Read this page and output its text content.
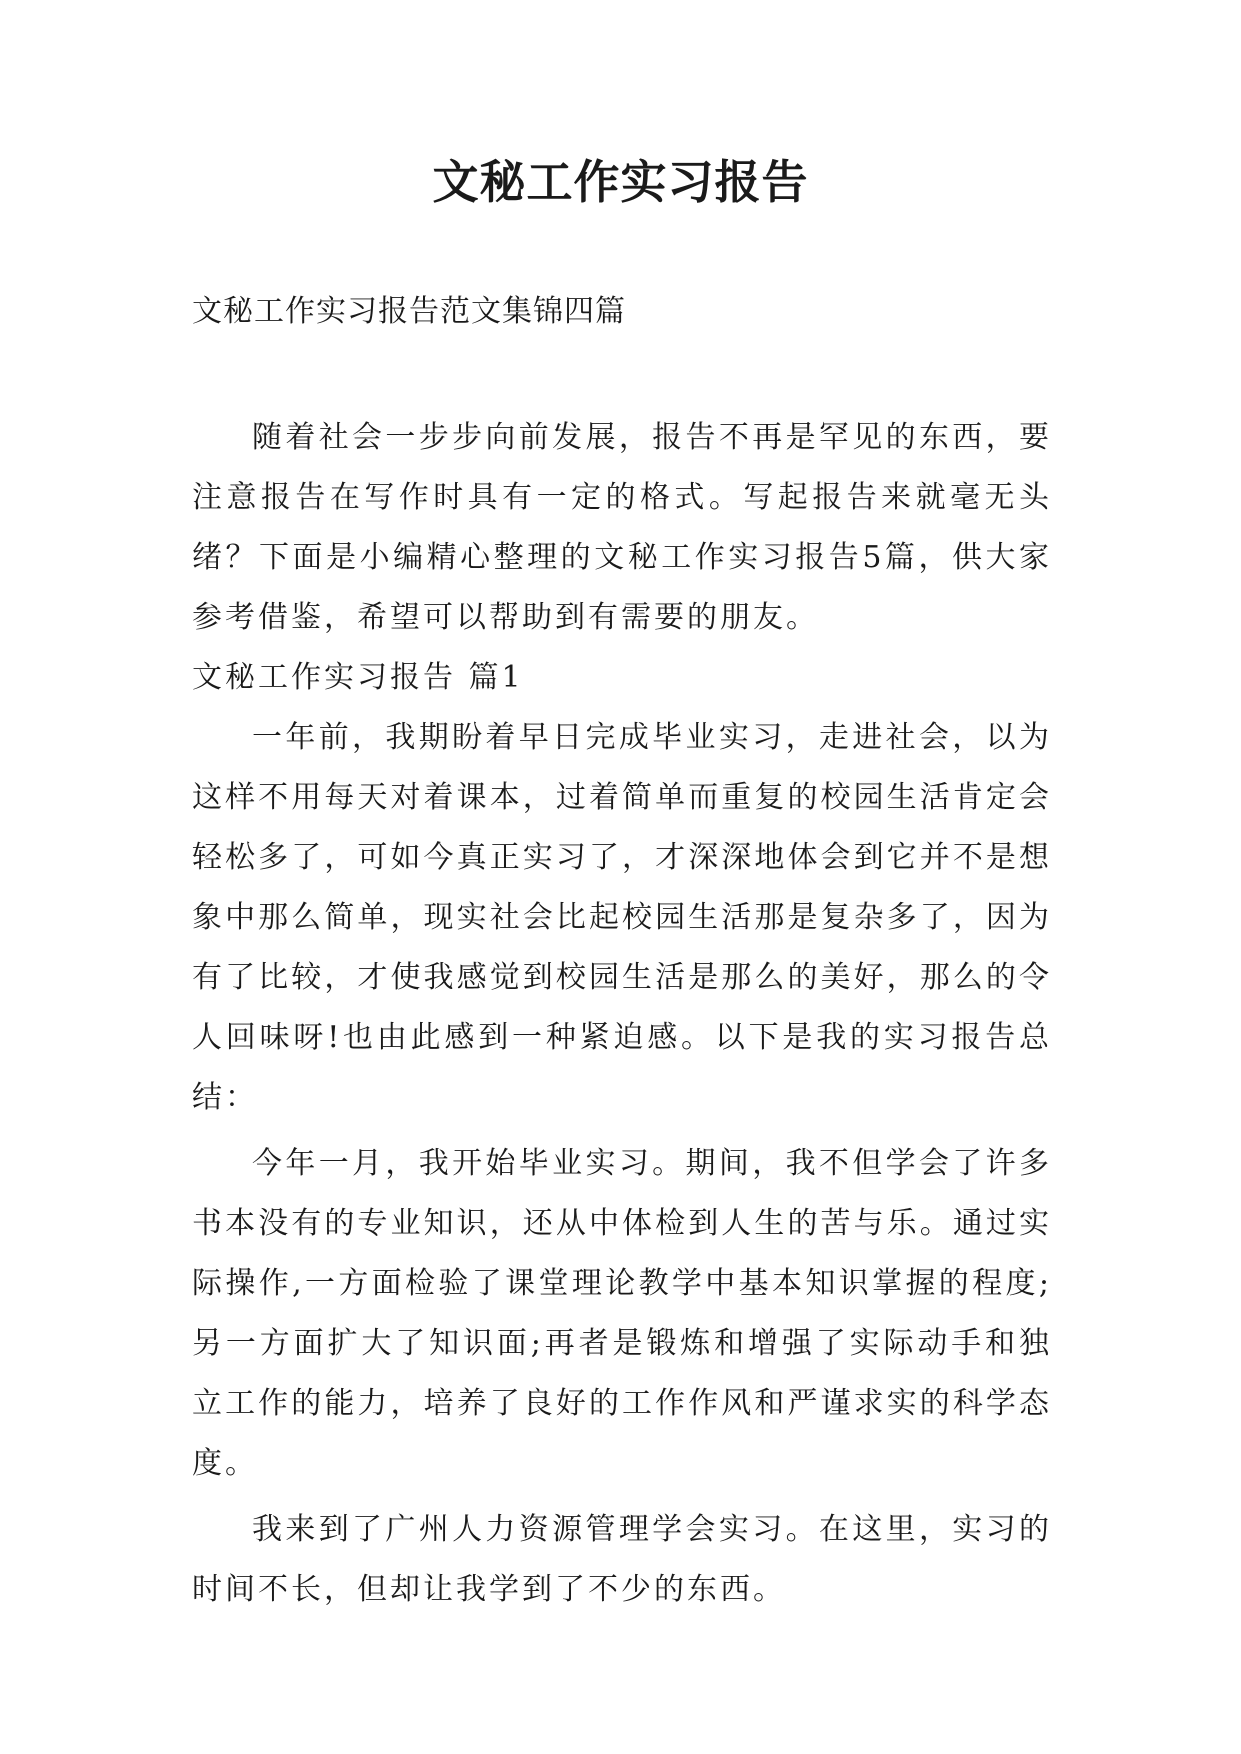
文秘工作实习报告
文秘工作实习报告范文集锦四篇

随着社会一步步向前发展，报告不再是罕见的东西，要注意报告在写作时具有一定的格式。写起报告来就毫无头绪？下面是小编精心整理的文秘工作实习报告5篇，供大家参考借鉴，希望可以帮助到有需要的朋友。

文秘工作实习报告 篇1

一年前，我期盼着早日完成毕业实习，走进社会，以为这样不用每天对着课本，过着简单而重复的校园生活肯定会轻松多了，可如今真正实习了，才深深地体会到它并不是想象中那么简单，现实社会比起校园生活那是复杂多了，因为有了比较，才使我感觉到校园生活是那么的美好，那么的令人回味呀!也由此感到一种紧迫感。以下是我的实习报告总结：

今年一月，我开始毕业实习。期间，我不但学会了许多书本没有的专业知识，还从中体检到人生的苦与乐。通过实际操作,一方面检验了课堂理论教学中基本知识掌握的程度;另一方面扩大了知识面;再者是锻炼和增强了实际动手和独立工作的能力，培养了良好的工作作风和严谨求实的科学态度。

我来到了广州人力资源管理学会实习。在这里，实习的时间不长，但却让我学到了不少的东西。
